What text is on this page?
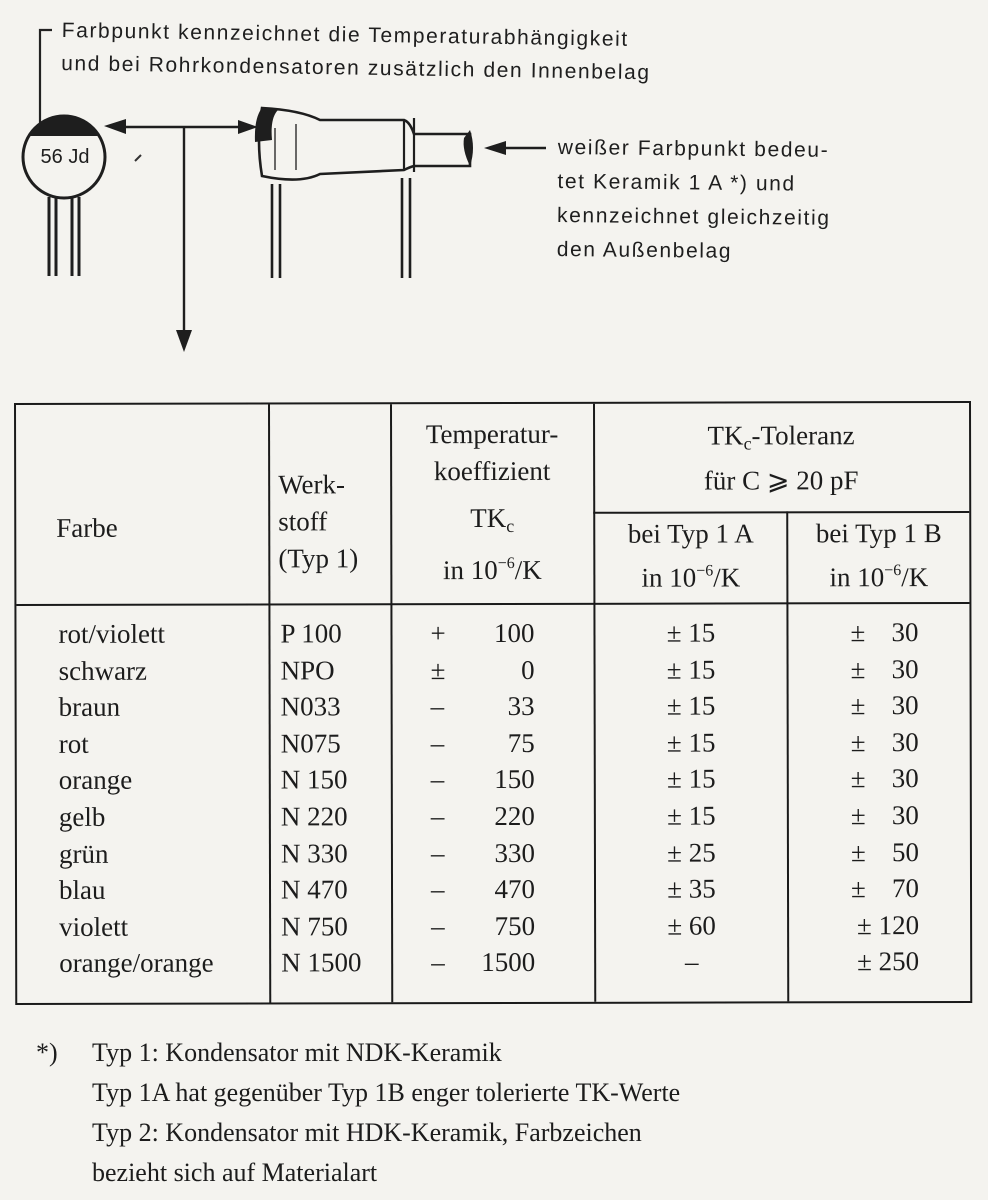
Farbpunkt kennzeichnet die Temperaturabhängigkeit
und bei Rohrkondensatoren zusätzlich den Innenbelag
56 Jd	weißer Farbpunkt bedeu-
tet Keramik 1 A *) und
kennzeichnet gleichzeitig
den Außenbelag
Farbe
Werk-
stoff
(Typ 1)
Temperatur-
koeffizient
$TK_c$
in $10^{-6}/K$
$TK_c$-Toleranz
für C ⩾ 20 pF
bei Typ 1 A
in $10^{-6}/K$
bei Typ 1 B
in $10^{-6}/K$
rot/violett
schwarz
braun
rot
orange
gelb
grün
blau
violett
orange/orange
P 100
NPO
N033
N075
N 150
N 220
N 330
N 470
N 750
N 1500
+
±
–
–
–
–
–
–
–
–
100
0
33
75
150
220
330
470
750
1500
± 15
± 15
± 15
± 15
± 15
± 15
± 25
± 35
± 60
–
±
±
±
±
±
±
±
±
30
30
30
30
30
30
50
70
± 120
± 250
*) Typ 1: Kondensator mit NDK-Keramik
Typ 1A hat gegenüber Typ 1B enger tolerierte TK-Werte
Typ 2: Kondensator mit HDK-Keramik, Farbzeichen
bezieht sich auf Materialart
